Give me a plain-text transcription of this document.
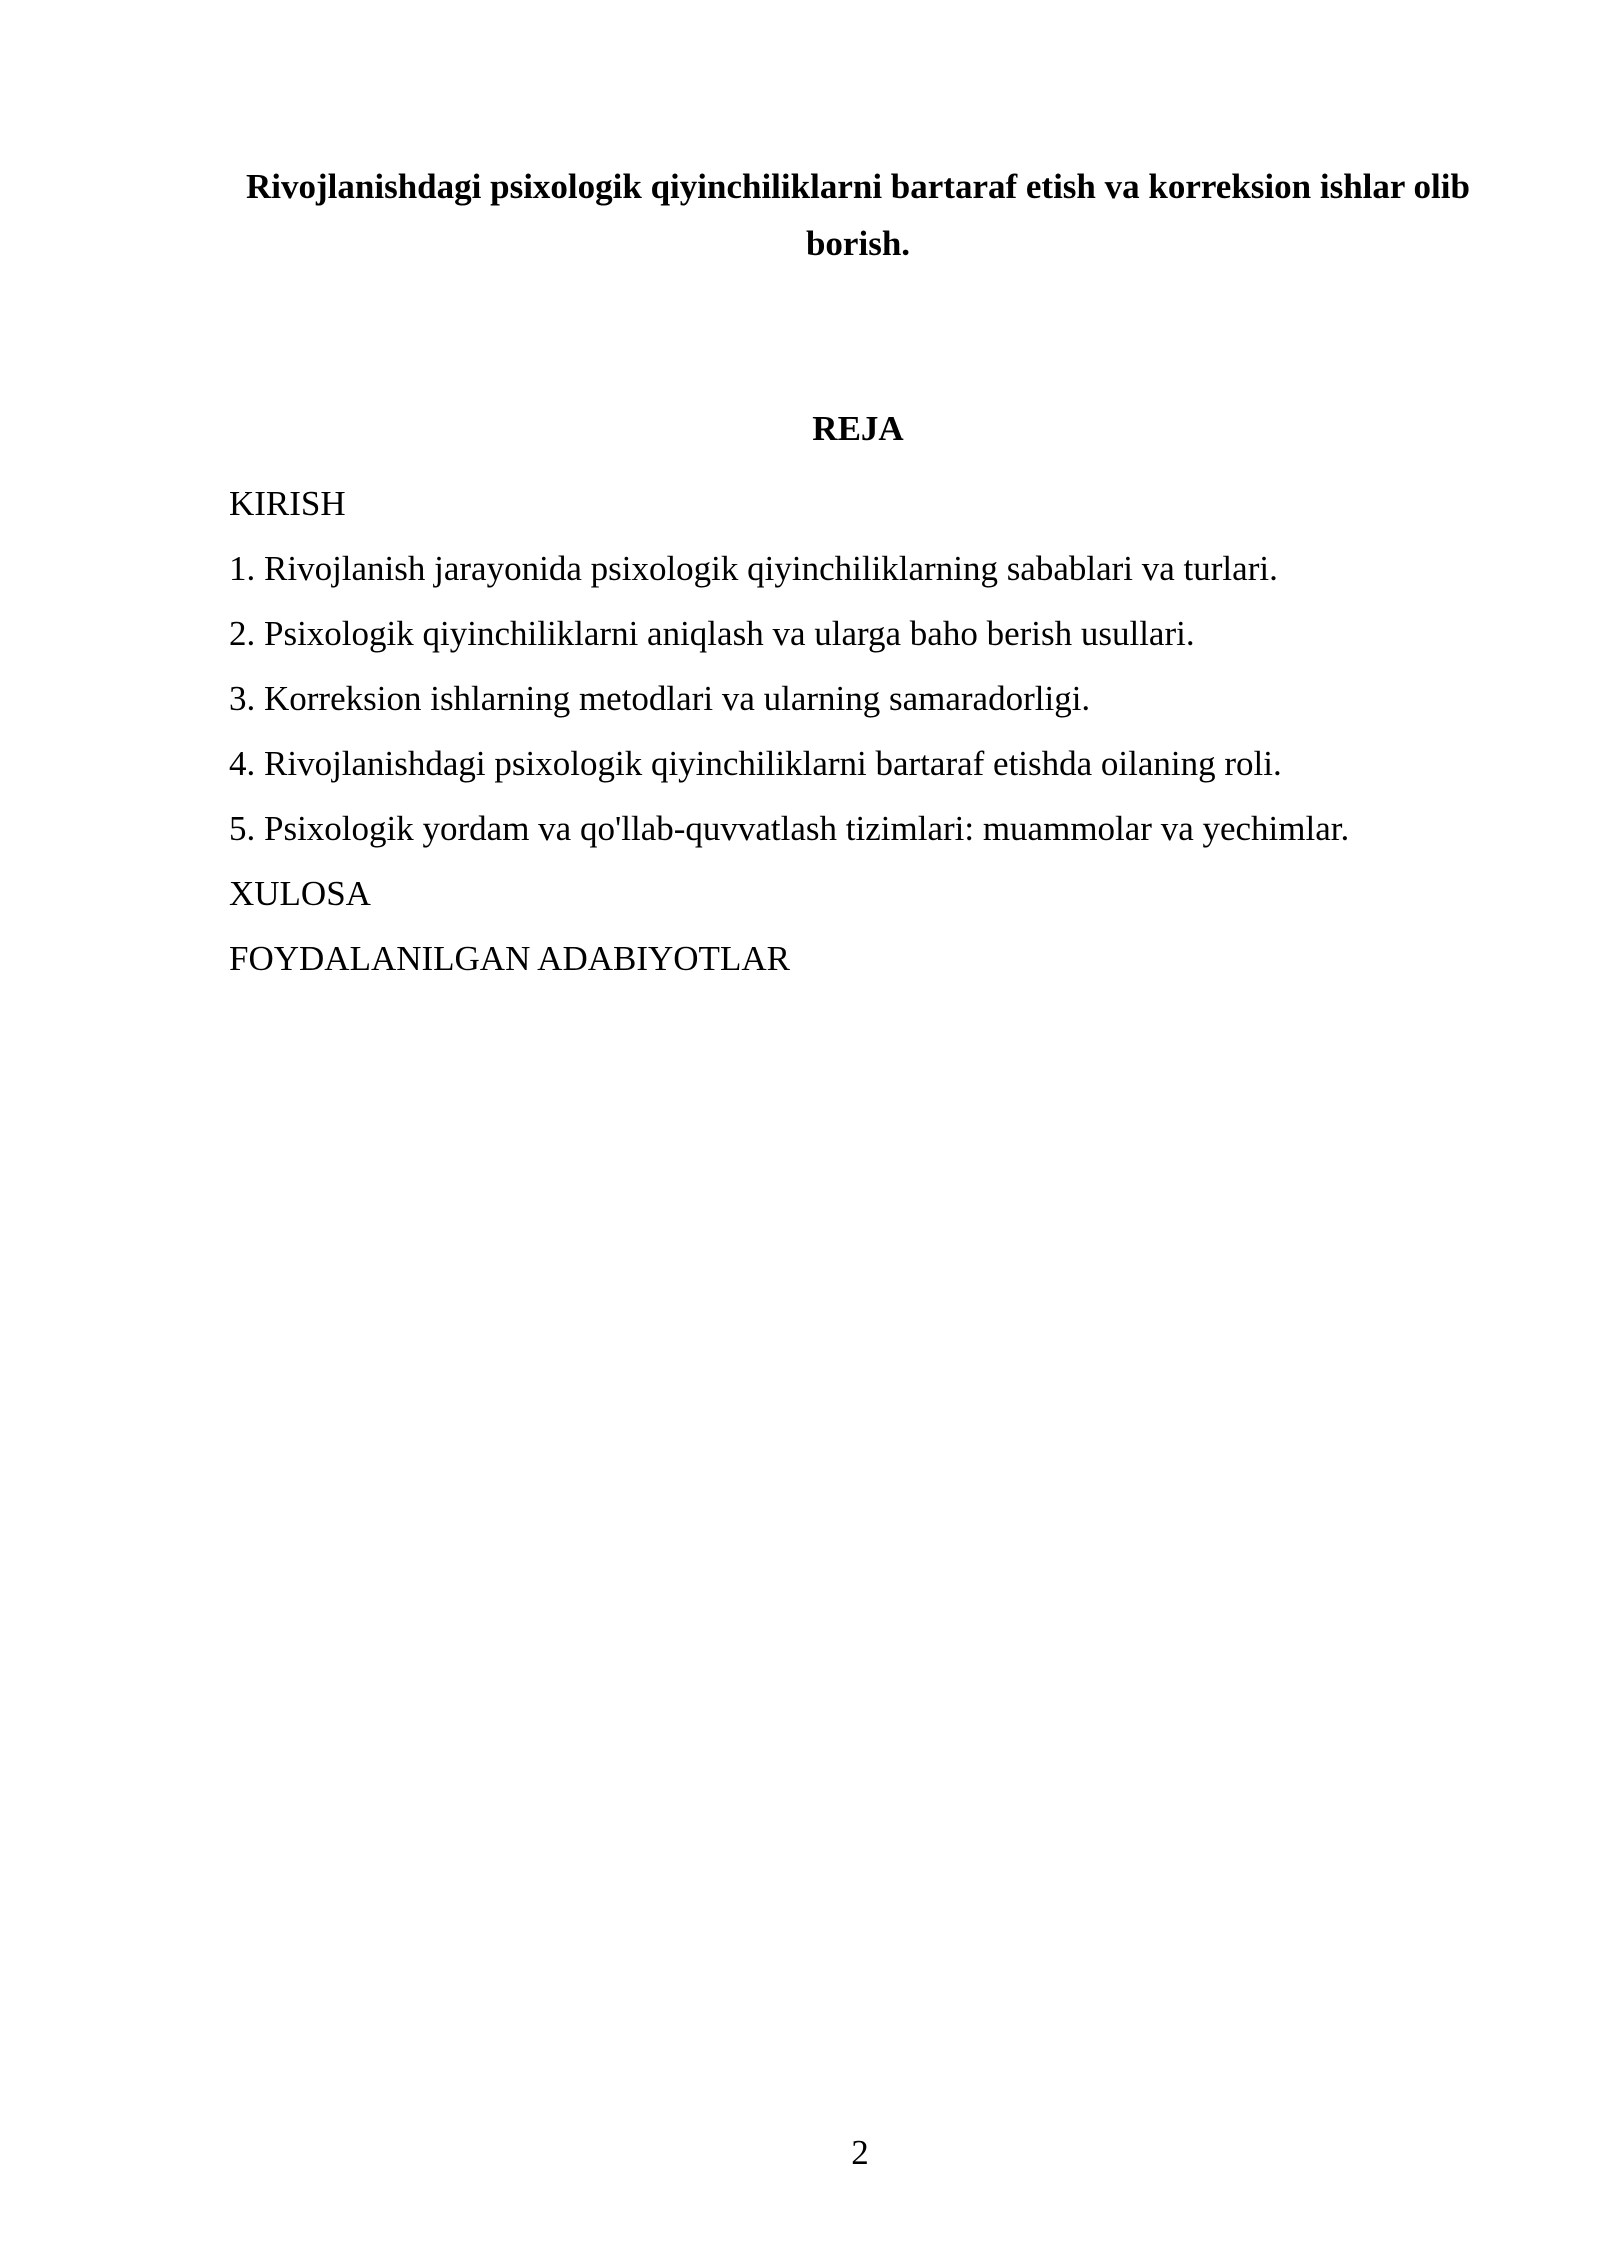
Rivojlanishdagi psixologik qiyinchiliklarni bartaraf etish va korreksion ishlar olib borish.
REJA
KIRISH
1. Rivojlanish jarayonida psixologik qiyinchiliklarning sabablari va turlari.
2. Psixologik qiyinchiliklarni aniqlash va ularga baho berish usullari.
3. Korreksion ishlarning metodlari va ularning samaradorligi.
4. Rivojlanishdagi psixologik qiyinchiliklarni bartaraf etishda oilaning roli.
5. Psixologik yordam va qo'llab-quvvatlash tizimlari: muammolar va yechimlar.
XULOSA
FOYDALANILGAN ADABIYOTLAR
2
